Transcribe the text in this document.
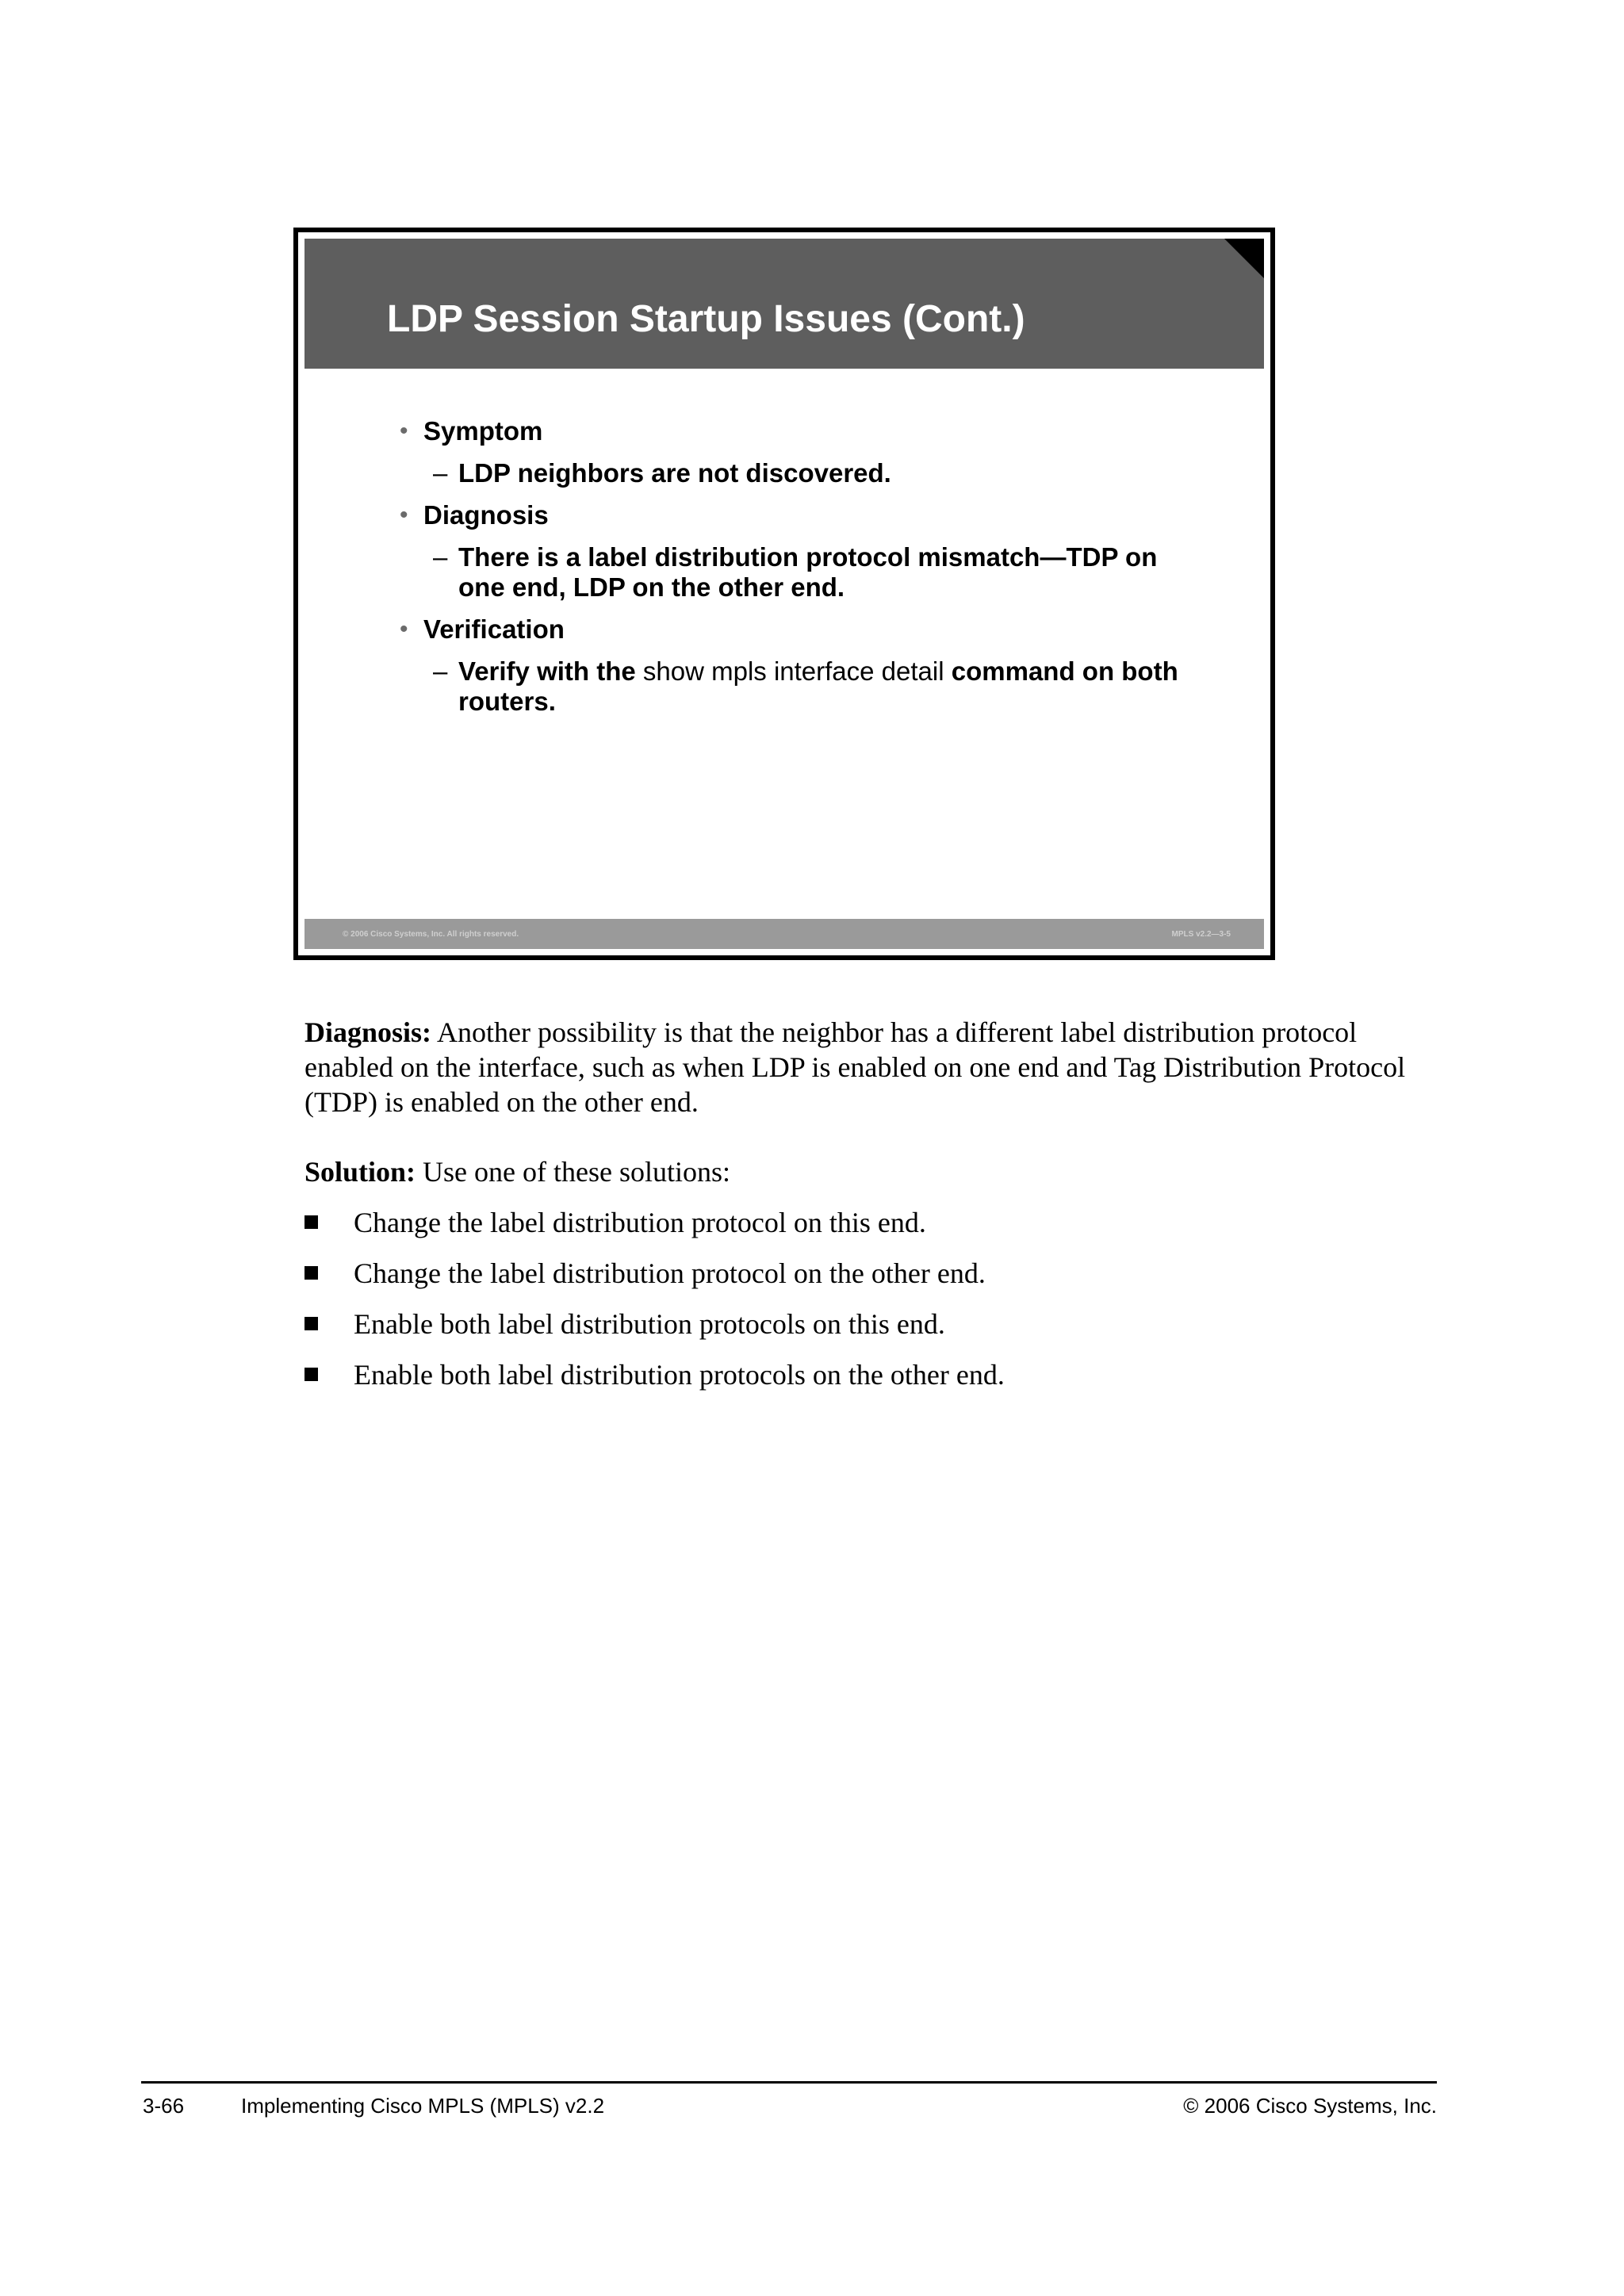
LDP Session Startup Issues (Cont.)
• Symptom
– LDP neighbors are not discovered.
• Diagnosis
– There is a label distribution protocol mismatch—TDP on
one end, LDP on the other end.
• Verification
– Verify with the show mpls interface detail command on both
routers.
© 2006 Cisco Systems, Inc. All rights reserved.	MPLS v2.2—3-5

Diagnosis: Another possibility is that the neighbor has a different label distribution protocol enabled on the interface, such as when LDP is enabled on one end and Tag Distribution Protocol (TDP) is enabled on the other end.

Solution: Use one of these solutions:

Change the label distribution protocol on this end.
Change the label distribution protocol on the other end.
Enable both label distribution protocols on this end.
Enable both label distribution protocols on the other end.
3-66	Implementing Cisco MPLS (MPLS) v2.2	© 2006 Cisco Systems, Inc.
